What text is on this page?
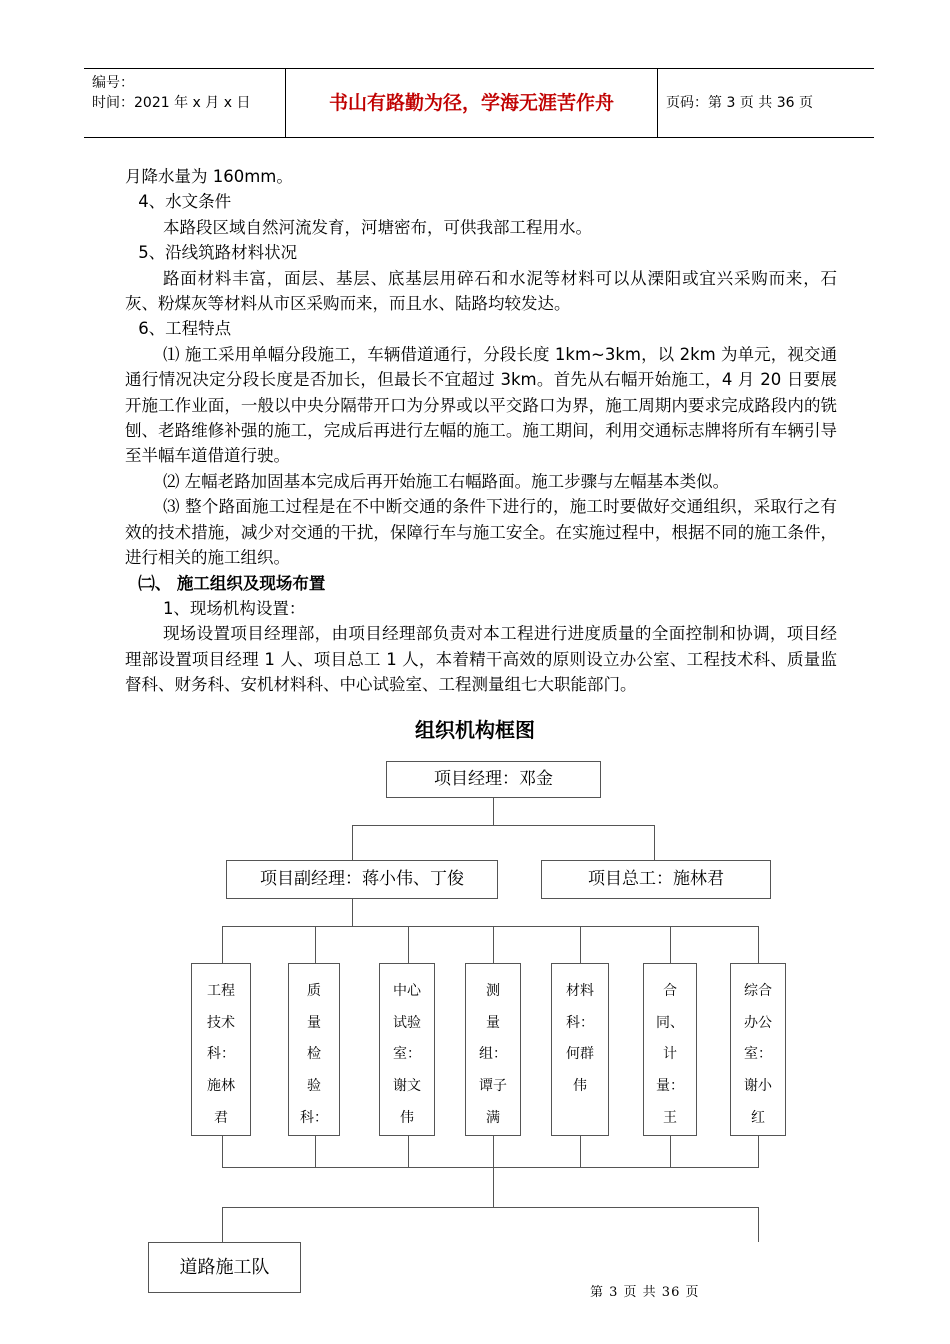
编号：
时间：2021 年 x 月 x 日	书山有路勤为径，学海无涯苦作舟	页码：第 3 页 共 36 页

月降水量为 160mm。

4、水文条件

本路段区域自然河流发育，河塘密布，可供我部工程用水。

5、沿线筑路材料状况

路面材料丰富，面层、基层、底基层用碎石和水泥等材料可以从溧阳或宜兴采购而来，石灰、粉煤灰等材料从市区采购而来，而且水、陆路均较发达。

6、工程特点

⑴ 施工采用单幅分段施工，车辆借道通行，分段长度 1km~3km，以 2km 为单元，视交通通行情况决定分段长度是否加长，但最长不宜超过 3km。首先从右幅开始施工，4 月 20 日要展开施工作业面，一般以中央分隔带开口为分界或以平交路口为界，施工周期内要求完成路段内的铣刨、老路维修补强的施工，完成后再进行左幅的施工。施工期间，利用交通标志牌将所有车辆引导至半幅车道借道行驶。

⑵ 左幅老路加固基本完成后再开始施工右幅路面。施工步骤与左幅基本类似。

⑶ 整个路面施工过程是在不中断交通的条件下进行的，施工时要做好交通组织，采取行之有效的技术措施，减少对交通的干扰，保障行车与施工安全。在实施过程中，根据不同的施工条件，进行相关的施工组织。

㈡、 施工组织及现场布置

1、现场机构设置：

现场设置项目经理部，由项目经理部负责对本工程进行进度质量的全面控制和协调，项目经理部设置项目经理 1 人、项目总工 1 人，本着精干高效的原则设立办公室、工程技术科、质量监督科、财务科、安机材料科、中心试验室、工程测量组七大职能部门。

组织机构框图
项目经理：邓金
项目副经理：蒋小伟、丁俊	项目总工：施林君
工程
技术
科：
施林
君
质
量
检
验
科：
中心
试验
室：
谢文
伟
测
量
组：
谭子
满
材料
科：
何群
伟
合
同、
计
量：
王
综合
办公
室：
谢小
红
道路施工队
第 3 页 共 36 页
